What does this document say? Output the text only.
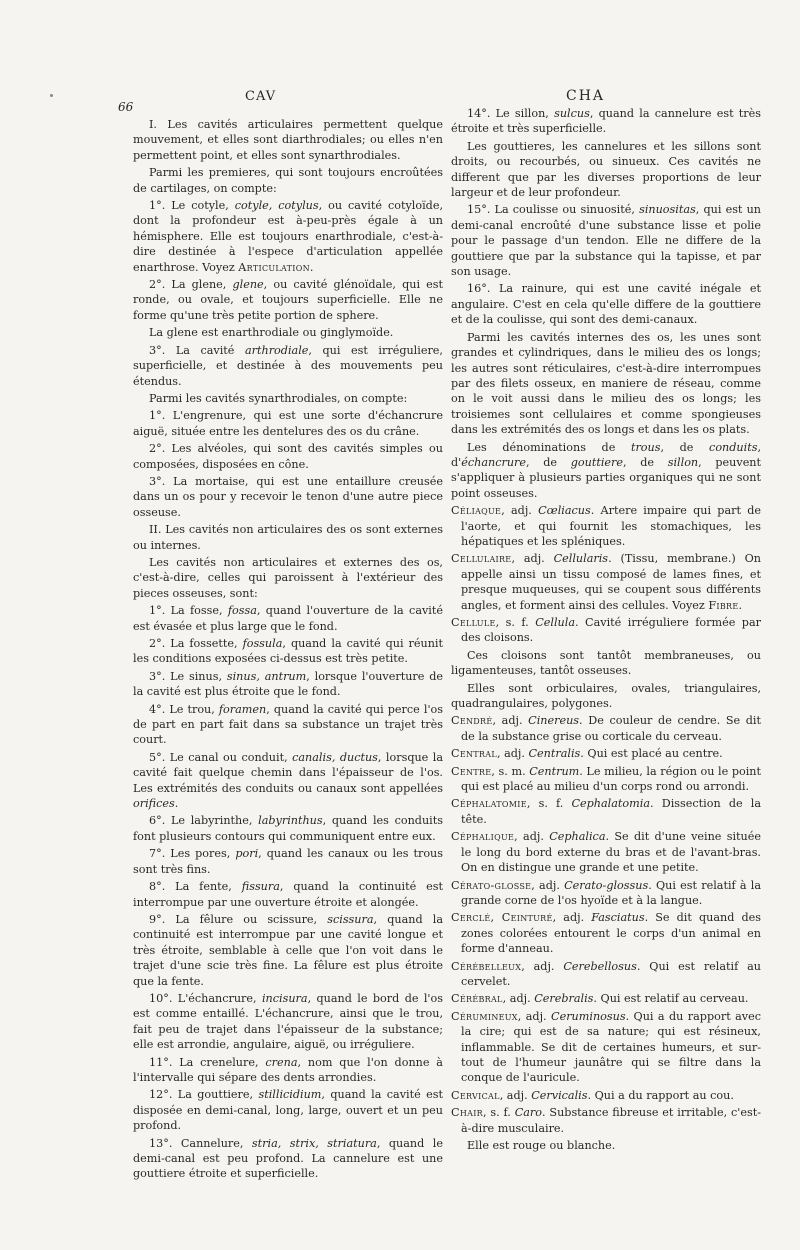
66
CAV	CHA

I. Les cavités articulaires permettent quelque mouvement, et elles sont diarthrodiales; ou elles n'en permettent point, et elles sont synarthrodiales.

Parmi les premieres, qui sont toujours encroûtées de cartilages, on compte:

1°. Le cotyle, cotyle, cotylus, ou cavité cotyloïde, dont la profondeur est à-peu-près égale à un hémisphere. Elle est toujours enarthrodiale, c'est-à-dire destinée à l'espece d'articulation appellée enarthrose. Voyez Articulation.

2°. La glene, glene, ou cavité glénoïdale, qui est ronde, ou ovale, et toujours superficielle. Elle ne forme qu'une très petite portion de sphere.

La glene est enarthrodiale ou ginglymoïde.

3°. La cavité arthrodiale, qui est irréguliere, superficielle, et destinée à des mouvements peu étendus.

Parmi les cavités synarthrodiales, on compte:

1°. L'engrenure, qui est une sorte d'échancrure aiguë, située entre les dentelures des os du crâne.

2°. Les alvéoles, qui sont des cavités simples ou composées, disposées en cône.

3°. La mortaise, qui est une entaillure creusée dans un os pour y recevoir le tenon d'une autre piece osseuse.

II. Les cavités non articulaires des os sont externes ou internes.

Les cavités non articulaires et externes des os, c'est-à-dire, celles qui paroissent à l'extérieur des pieces osseuses, sont:

1°. La fosse, fossa, quand l'ouverture de la cavité est évasée et plus large que le fond.

2°. La fossette, fossula, quand la cavité qui réunit les conditions exposées ci-dessus est très petite.

3°. Le sinus, sinus, antrum, lorsque l'ouverture de la cavité est plus étroite que le fond.

4°. Le trou, foramen, quand la cavité qui perce l'os de part en part fait dans sa substance un trajet très court.

5°. Le canal ou conduit, canalis, ductus, lorsque la cavité fait quelque chemin dans l'épaisseur de l'os. Les extrémités des conduits ou canaux sont appellées orifices.

6°. Le labyrinthe, labyrinthus, quand les conduits font plusieurs contours qui communiquent entre eux.

7°. Les pores, pori, quand les canaux ou les trous sont très fins.

8°. La fente, fissura, quand la continuité est interrompue par une ouverture étroite et alongée.

9°. La fêlure ou scissure, scissura, quand la continuité est interrompue par une cavité longue et très étroite, semblable à celle que l'on voit dans le trajet d'une scie très fine. La fêlure est plus étroite que la fente.

10°. L'échancrure, incisura, quand le bord de l'os est comme entaillé. L'échancrure, ainsi que le trou, fait peu de trajet dans l'épaisseur de la substance; elle est arrondie, angulaire, aiguë, ou irréguliere.

11°. La crenelure, crena, nom que l'on donne à l'intervalle qui sépare des dents arrondies.

12°. La gouttiere, stillicidium, quand la cavité est disposée en demi-canal, long, large, ouvert et un peu profond.

13°. Cannelure, stria, strix, striatura, quand le demi-canal est peu profond. La cannelure est une gouttiere étroite et superficielle.

14°. Le sillon, sulcus, quand la cannelure est très étroite et très superficielle.

Les gouttieres, les cannelures et les sillons sont droits, ou recourbés, ou sinueux. Ces cavités ne different que par les diverses proportions de leur largeur et de leur profondeur.

15°. La coulisse ou sinuosité, sinuositas, qui est un demi-canal encroûté d'une substance lisse et polie pour le passage d'un tendon. Elle ne differe de la gouttiere que par la substance qui la tapisse, et par son usage.

16°. La rainure, qui est une cavité inégale et angulaire. C'est en cela qu'elle differe de la gouttiere et de la coulisse, qui sont des demi-canaux.

Parmi les cavités internes des os, les unes sont grandes et cylindriques, dans le milieu des os longs; les autres sont réticulaires, c'est-à-dire interrompues par des filets osseux, en maniere de réseau, comme on le voit aussi dans le milieu des os longs; les troisiemes sont cellulaires et comme spongieuses dans les extrémités des os longs et dans les os plats.

Les dénominations de trous, de conduits, d'échancrure, de gouttiere, de sillon, peuvent s'appliquer à plusieurs parties organiques qui ne sont point osseuses.

Céliaque, adj. Cœliacus. Artere impaire qui part de l'aorte, et qui fournit les stomachiques, les hépatiques et les spléniques.

Cellulaire, adj. Cellularis. (Tissu, membrane.) On appelle ainsi un tissu composé de lames fines, et presque muqueuses, qui se coupent sous différents angles, et forment ainsi des cellules. Voyez Fibre.

Cellule, s. f. Cellula. Cavité irréguliere formée par des cloisons.

Ces cloisons sont tantôt membraneuses, ou ligamenteuses, tantôt osseuses.

Elles sont orbiculaires, ovales, triangulaires, quadrangulaires, polygones.

Cendré, adj. Cinereus. De couleur de cendre. Se dit de la substance grise ou corticale du cerveau.

Central, adj. Centralis. Qui est placé au centre.

Centre, s. m. Centrum. Le milieu, la région ou le point qui est placé au milieu d'un corps rond ou arrondi.

Céphalatomie, s. f. Cephalatomia. Dissection de la tête.

Céphalique, adj. Cephalica. Se dit d'une veine située le long du bord externe du bras et de l'avant-bras. On en distingue une grande et une petite.

Cérato-glosse, adj. Cerato-glossus. Qui est relatif à la grande corne de l'os hyoïde et à la langue.

Cerclé, Ceinturé, adj. Fasciatus. Se dit quand des zones colorées entourent le corps d'un animal en forme d'anneau.

Cérébelleux, adj. Cerebellosus. Qui est relatif au cervelet.

Cérébral, adj. Cerebralis. Qui est relatif au cerveau.

Cérumineux, adj. Ceruminosus. Qui a du rapport avec la cire; qui est de sa nature; qui est résineux, inflammable. Se dit de certaines humeurs, et sur-tout de l'humeur jaunâtre qui se filtre dans la conque de l'auricule.

Cervical, adj. Cervicalis. Qui a du rapport au cou.

Chair, s. f. Caro. Substance fibreuse et irritable, c'est-à-dire musculaire.

Elle est rouge ou blanche.
